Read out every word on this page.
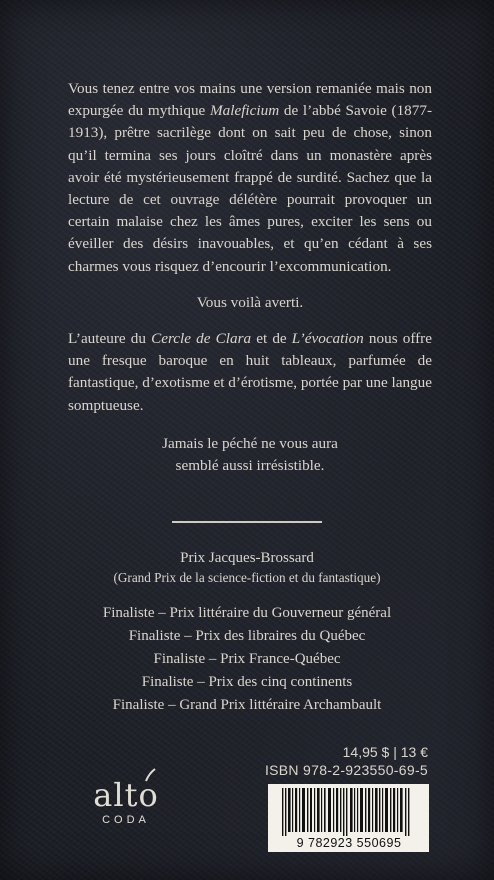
Vous tenez entre vos mains une version remaniée mais non expurgée du mythique Maleficium de l’abbé Savoie (1877-1913), prêtre sacrilège dont on sait peu de chose, sinon qu’il termina ses jours cloîtré dans un monastère après avoir été mystérieusement frappé de surdité. Sachez que la lecture de cet ouvrage délétère pourrait provoquer un certain malaise chez les âmes pures, exciter les sens ou éveiller des désirs inavouables, et qu’en cédant à ses charmes vous risquez d’encourir l’excommunication.

Vous voilà averti.

L’auteure du Cercle de Clara et de L’évocation nous offre une fresque baroque en huit tableaux, parfumée de fantastique, d’exotisme et d’érotisme, portée par une langue somptueuse.

Jamais le péché ne vous aura
semblé aussi irrésistible.
Prix Jacques-Brossard
(Grand Prix de la science-fiction et du fantastique)
Finaliste – Prix littéraire du Gouverneur général
Finaliste – Prix des libraires du Québec
Finaliste – Prix France-Québec
Finaliste – Prix des cinq continents
Finaliste – Grand Prix littéraire Archambault
alto
CODA
14,95 $ | 13 €
ISBN 978-2-923550-69-5
9 782923 550695
